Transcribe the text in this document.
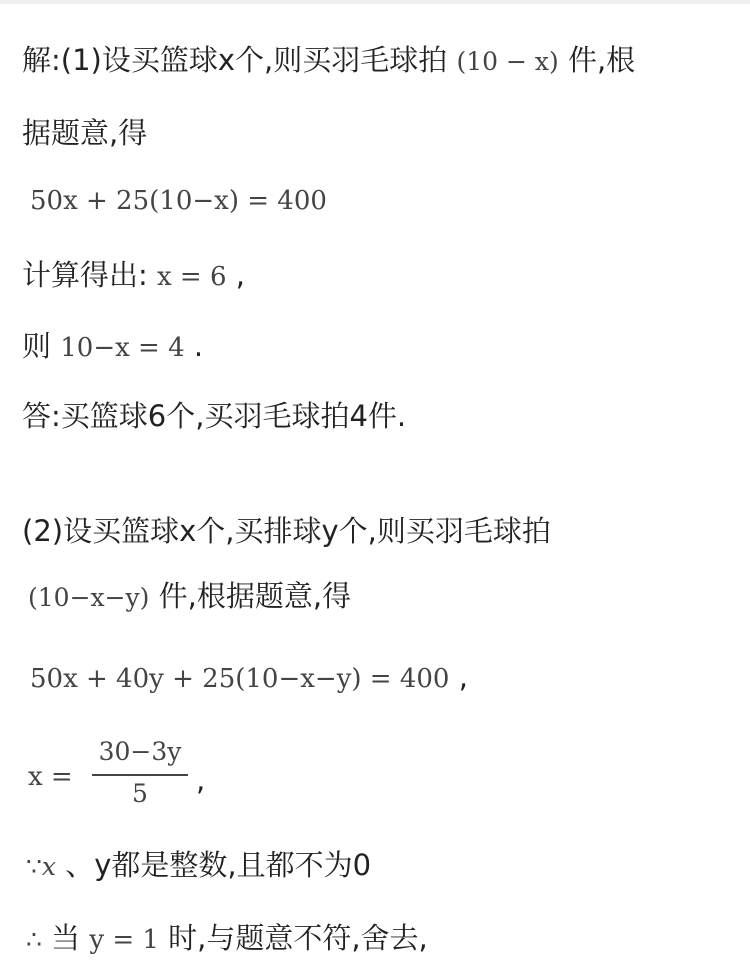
解:(1)设买篮球x个,则买羽毛球拍 (10 − x) 件,根
据题意,得
50x + 25(10−x) = 400
计算得出: x = 6 ,
则 10−x = 4 .
答:买篮球6个,买羽毛球拍4件.
(2)设买篮球x个,买排球y个,则买羽毛球拍
(10−x−y) 件,根据题意,得
50x + 40y + 25(10−x−y) = 400 ,
x =
30−3y
5	,
∵x 、y都是整数,且都不为0
∴ 当 y = 1 时,与题意不符,舍去,
